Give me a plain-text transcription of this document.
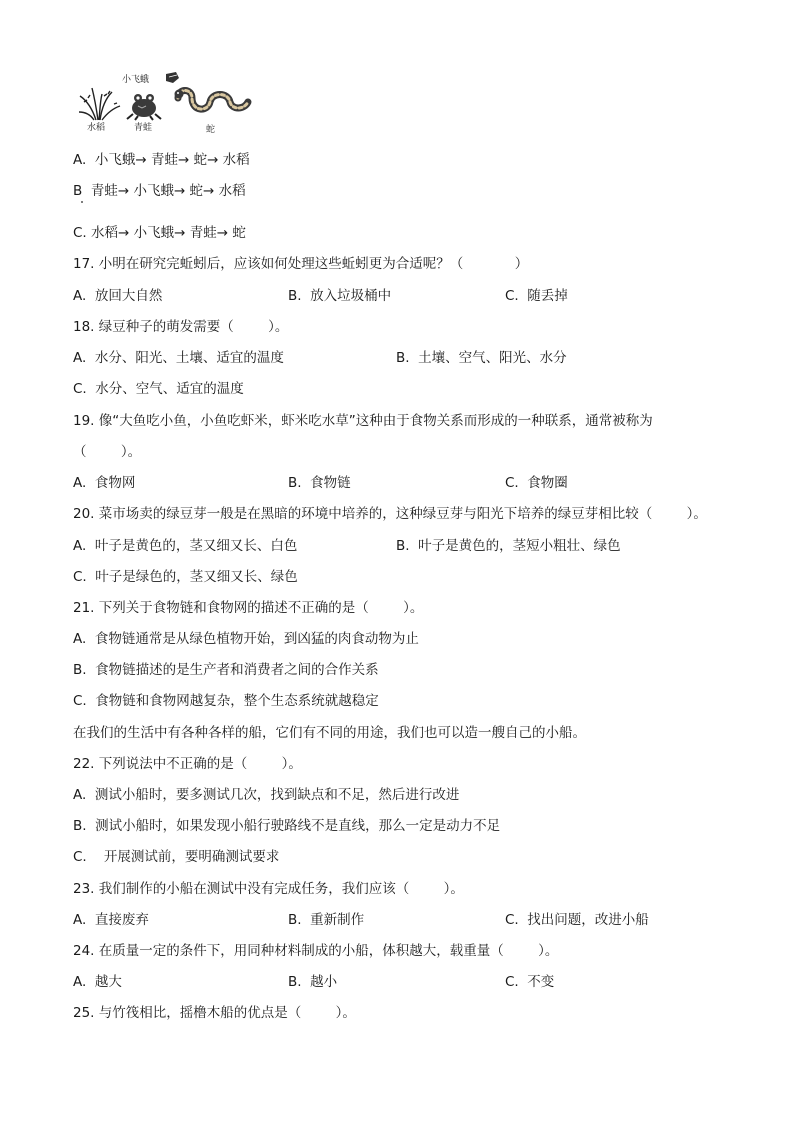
小飞蛾
水稻	青蛙	蛇
A.  小飞蛾→ 青蛙→ 蛇→ 水稻
B  青蛙→ 小飞蛾→ 蛇→ 水稻
C. 水稻→ 小飞蛾→ 青蛙→ 蛇
17. 小明在研究完蚯蚓后，应该如何处理这些蚯蚓更为合适呢？（            ）
A.  放回大自然	B.  放入垃圾桶中	C.  随丢掉
18. 绿豆种子的萌发需要（        ）。
A.  水分、阳光、土壤、适宜的温度	B.  土壤、空气、阳光、水分
C.  水分、空气、适宜的温度
19. 像“大鱼吃小鱼，小鱼吃虾米，虾米吃水草”这种由于食物关系而形成的一种联系，通常被称为
（        ）。
A.  食物网	B.  食物链	C.  食物圈
20. 菜市场卖的绿豆芽一般是在黑暗的环境中培养的，这种绿豆芽与阳光下培养的绿豆芽相比较（        ）。
A.  叶子是黄色的，茎又细又长、白色	B.  叶子是黄色的，茎短小粗壮、绿色
C.  叶子是绿色的，茎又细又长、绿色
21. 下列关于食物链和食物网的描述不正确的是（        ）。
A.  食物链通常是从绿色植物开始，到凶猛的肉食动物为止
B.  食物链描述的是生产者和消费者之间的合作关系
C.  食物链和食物网越复杂，整个生态系统就越稳定
在我们的生活中有各种各样的船，它们有不同的用途，我们也可以造一艘自己的小船。
22. 下列说法中不正确的是（        ）。
A.  测试小船时，要多测试几次，找到缺点和不足，然后进行改进
B.  测试小船时，如果发现小船行驶路线不是直线，那么一定是动力不足
C.    开展测试前，要明确测试要求
23. 我们制作的小船在测试中没有完成任务，我们应该（        ）。
A.  直接废弃	B.  重新制作	C.  找出问题，改进小船
24. 在质量一定的条件下，用同种材料制成的小船，体积越大，载重量（        ）。
A.  越大	B.  越小	C.  不变
25. 与竹筏相比，摇橹木船的优点是（        ）。
